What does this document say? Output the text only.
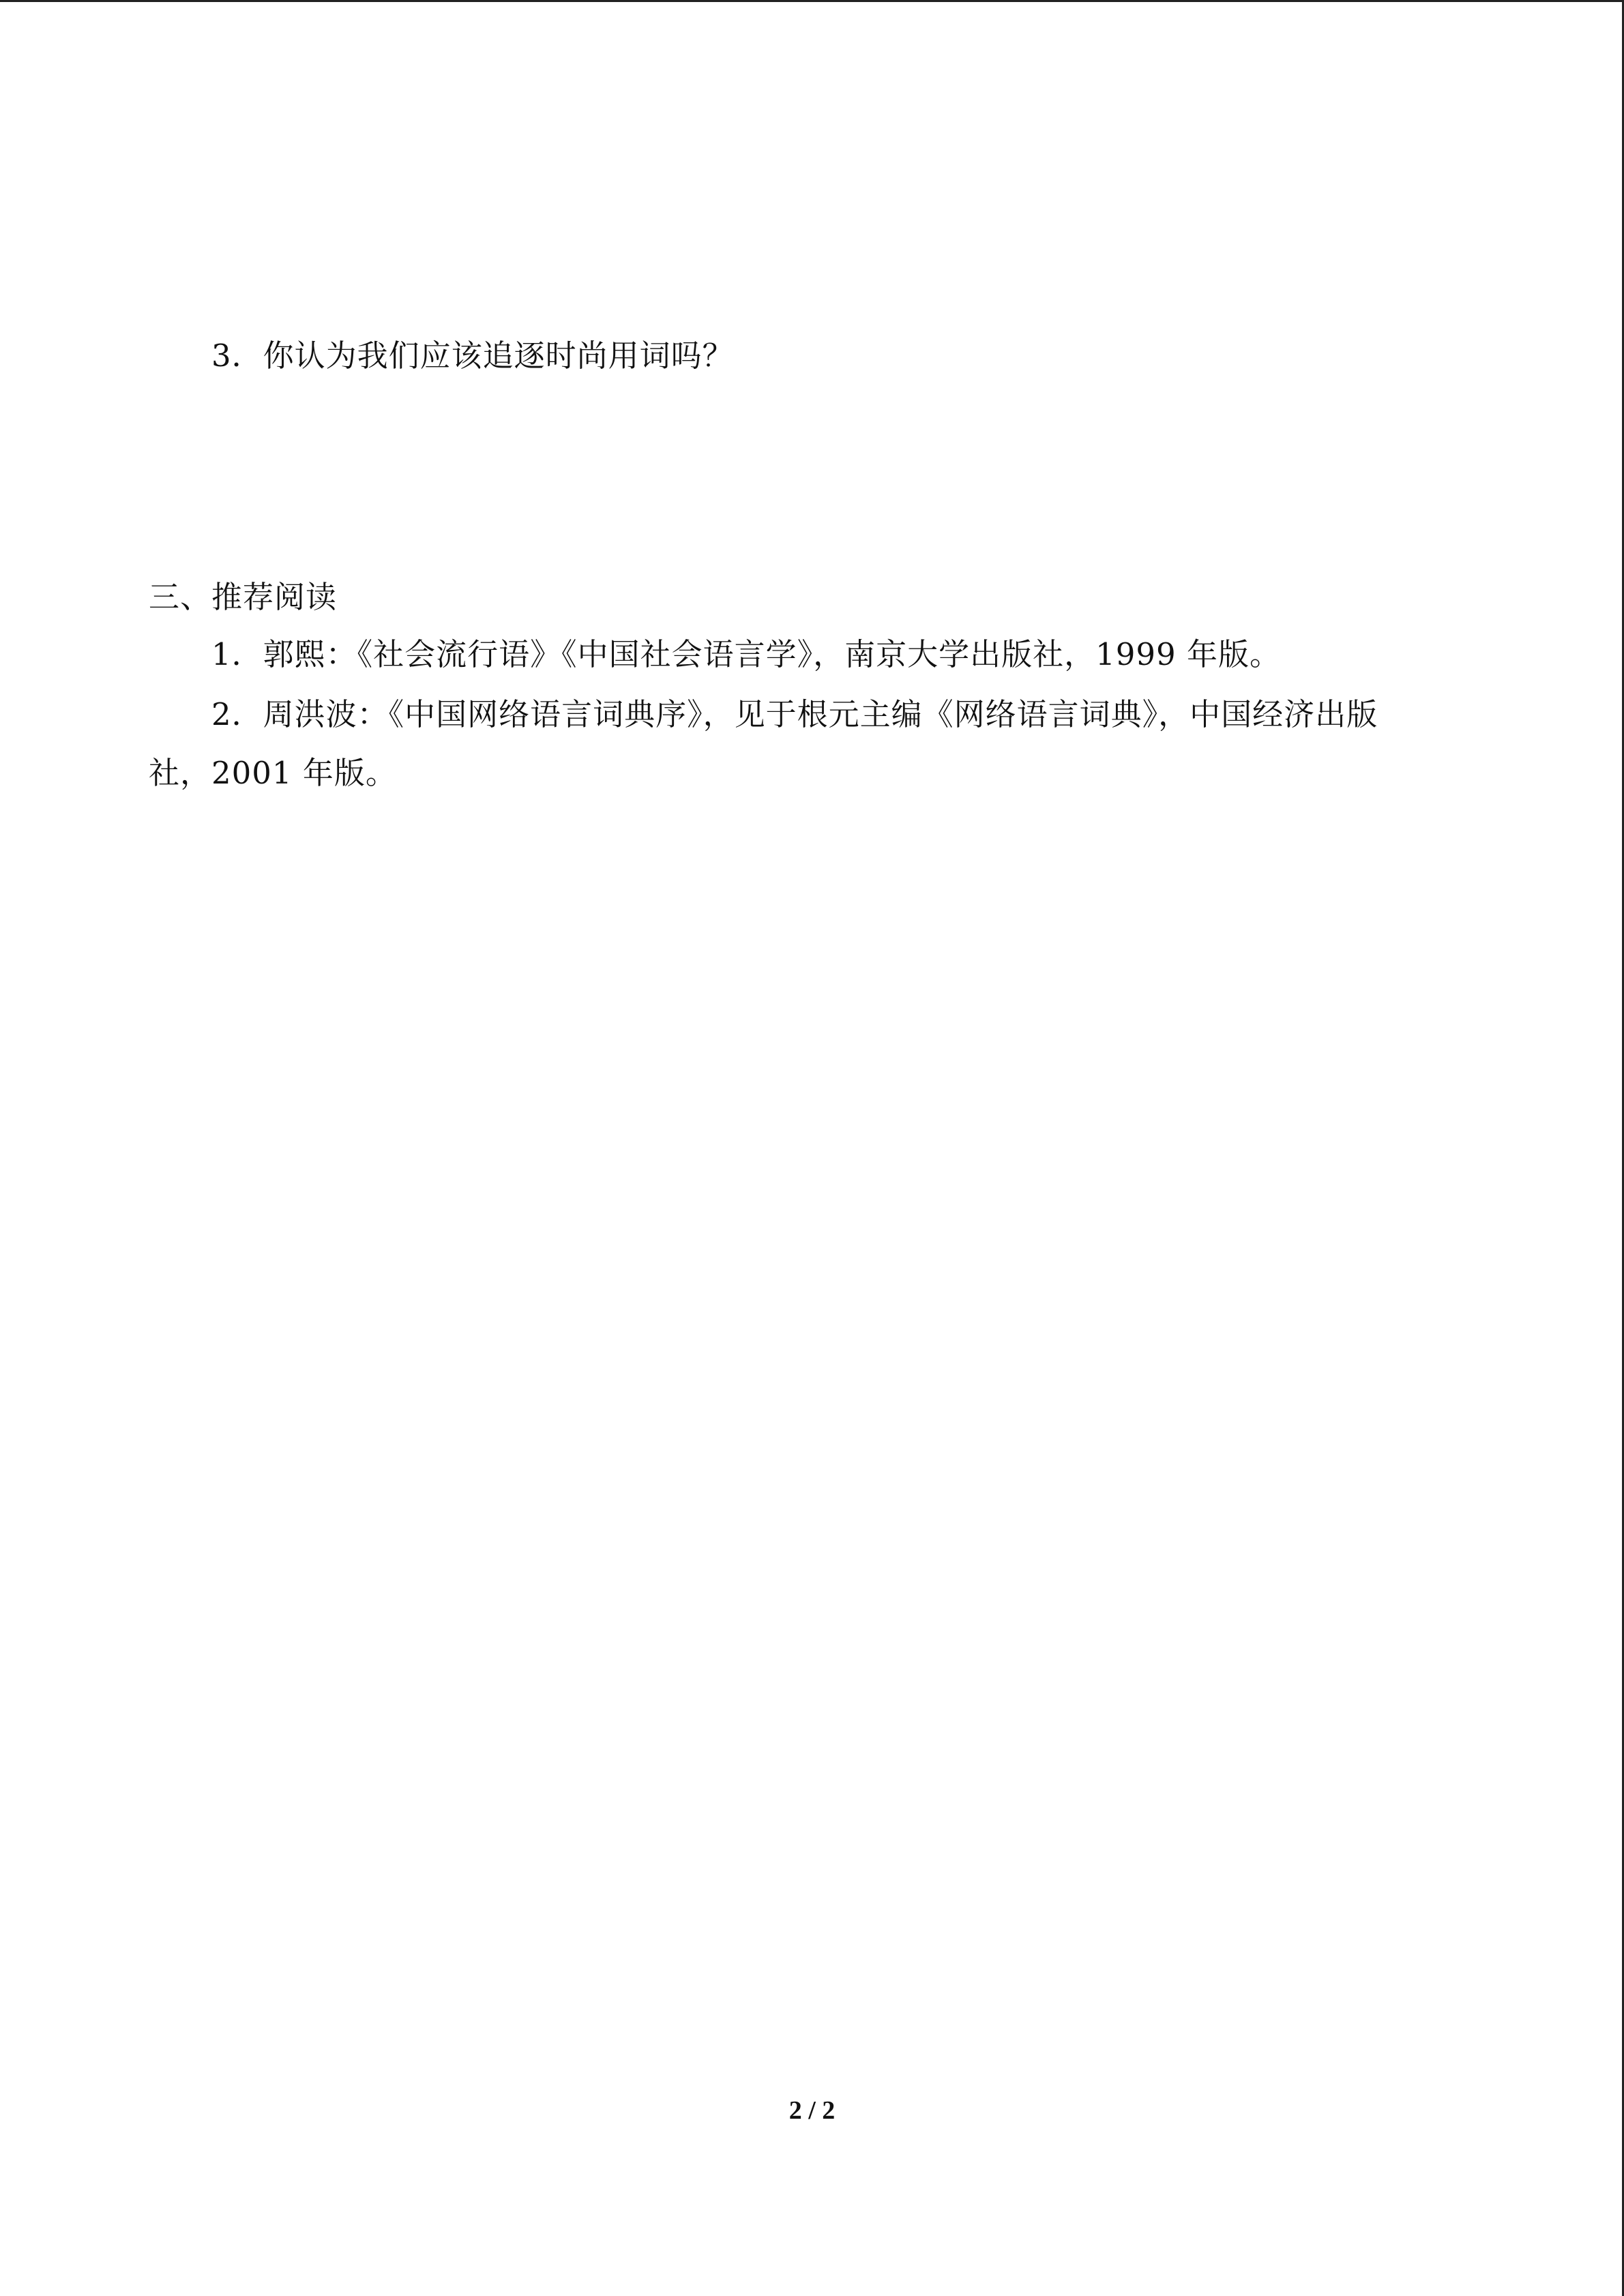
3．你认为我们应该追逐时尚用词吗？
三、推荐阅读
1．郭熙：《社会流行语》《中国社会语言学》，南京大学出版社，1999 年版。
2．周洪波：《中国网络语言词典序》，见于根元主编《网络语言词典》，中国经济出版
社，2001 年版。
2 / 2
